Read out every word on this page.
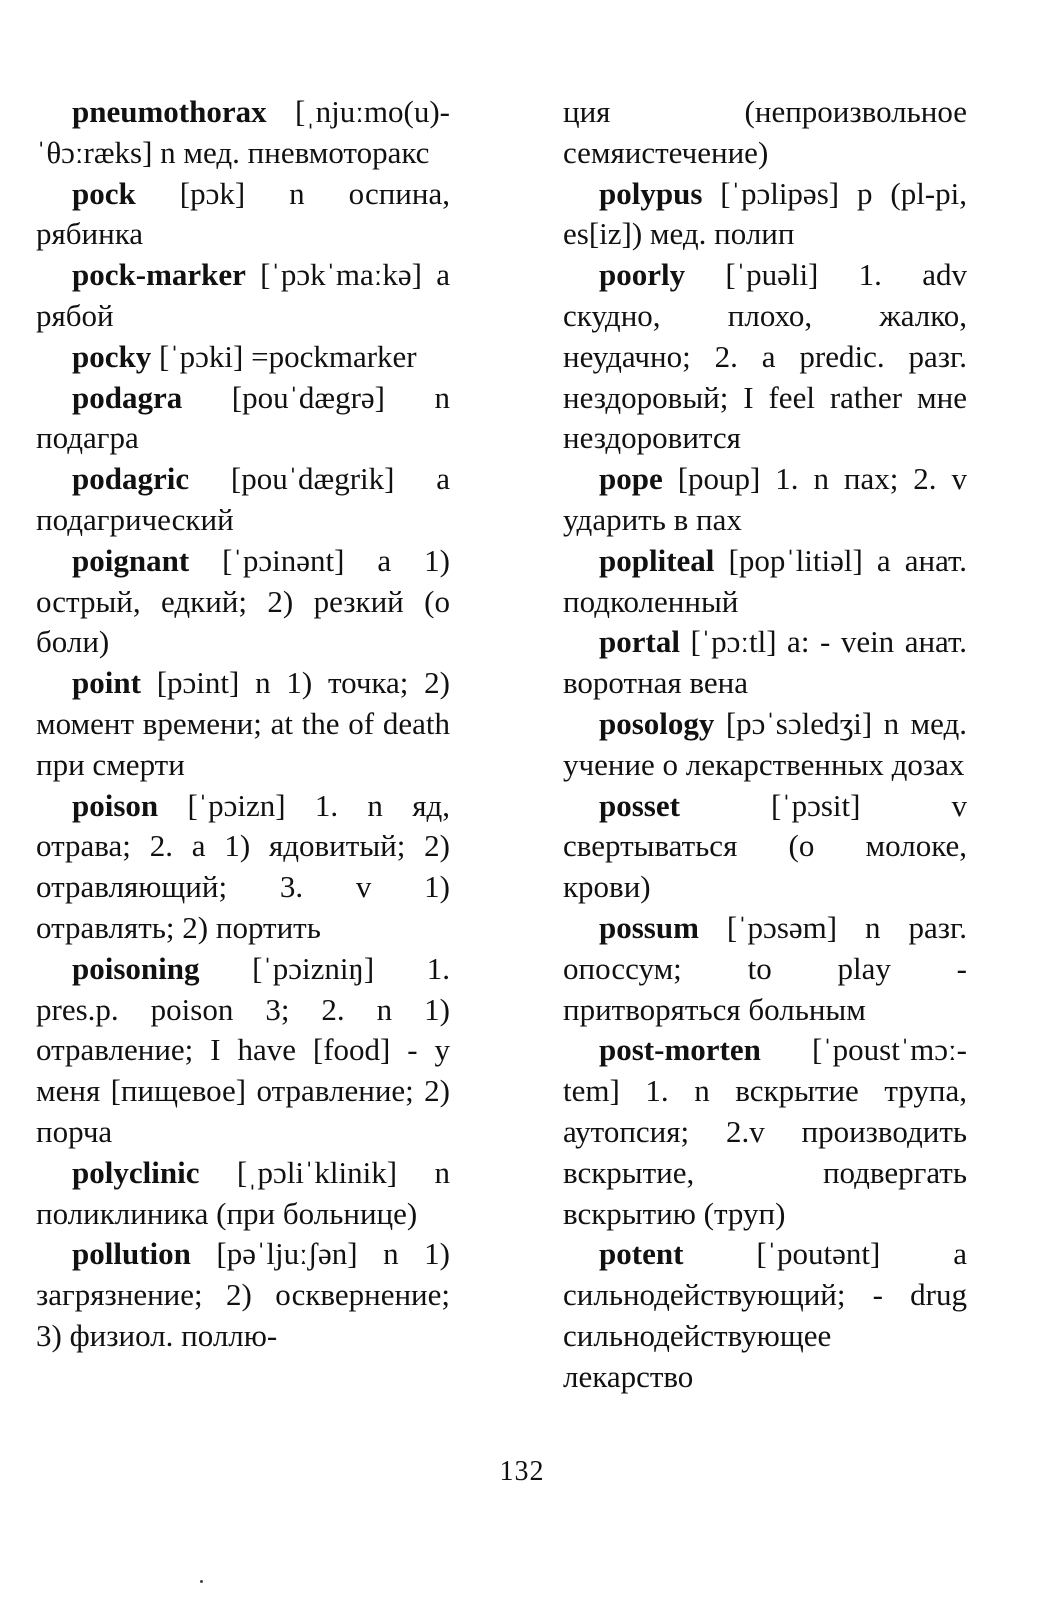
pneumothorax [ˌnjuːmo(u)-ˈθɔːræks] n мед. пневмоторакс

pock [pɔk] n оспина, рябинка

pock-marker [ˈpɔkˈmaːkə] a рябой

pocky [ˈpɔki] =pockmarker

podagra [pouˈdægrə] n подагра

podagric [pouˈdægrik] a подагрический

poignant [ˈpɔinənt] a 1) острый, едкий; 2) резкий (о боли)

point [pɔint] n 1) точка; 2) момент времени; at the of death при смерти

poison [ˈpɔizn] 1. n яд, отрава; 2. a 1) ядовитый; 2) отравляющий; 3. v 1) отравлять; 2) портить

poisoning [ˈpɔizniŋ] 1. pres.p. poison 3; 2. n 1) отравление; I have [food] - у меня [пищевое] отравление; 2) порча

polyclinic [ˌpɔliˈklinik] n поликлиника (при больнице)

pollution [pəˈljuːʃən] n 1) загрязнение; 2) осквернение; 3) физиол. поллю-

ция (непроизвольное семяистечение)

polypus [ˈpɔlipəs] p (pl-pi, es[iz]) мед. полип

poorly [ˈpuəli] 1. adv скудно, плохо, жалко, неудачно; 2. a predic. разг. нездоровый; I feel rather мне нездоровится

pope [poup] 1. n пах; 2. v ударить в пах

popliteal [popˈlitiəl] a анат. подколенный

portal [ˈpɔːtl] a: - vein анат. воротная вена

posology [pɔˈsɔledʒi] n мед. учение о лекарственных дозах

posset [ˈpɔsit] v свертываться (о молоке, крови)

possum [ˈpɔsəm] n разг. опоссум; to play - притворяться больным

post-morten [ˈpoustˈmɔː-tem] 1. n вскрытие трупа, аутопсия; 2.v производить вскрытие, подвергать вскрытию (труп)

potent [ˈpoutənt] a сильнодействующий; - drug сильнодействующее лекарство

132
